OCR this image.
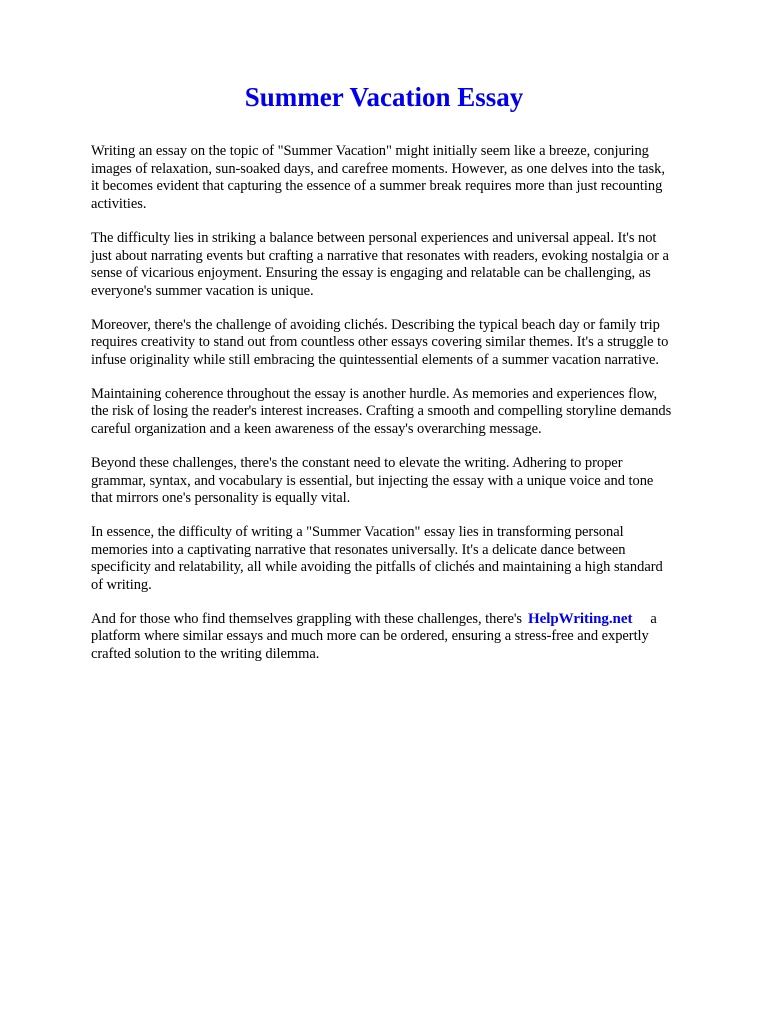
Summer Vacation Essay

Writing an essay on the topic of "Summer Vacation" might initially seem like a breeze, conjuring
images of relaxation, sun-soaked days, and carefree moments. However, as one delves into the task,
it becomes evident that capturing the essence of a summer break requires more than just recounting
activities.

The difficulty lies in striking a balance between personal experiences and universal appeal. It's not
just about narrating events but crafting a narrative that resonates with readers, evoking nostalgia or a
sense of vicarious enjoyment. Ensuring the essay is engaging and relatable can be challenging, as
everyone's summer vacation is unique.

Moreover, there's the challenge of avoiding clichés. Describing the typical beach day or family trip
requires creativity to stand out from countless other essays covering similar themes. It's a struggle to
infuse originality while still embracing the quintessential elements of a summer vacation narrative.

Maintaining coherence throughout the essay is another hurdle. As memories and experiences flow,
the risk of losing the reader's interest increases. Crafting a smooth and compelling storyline demands
careful organization and a keen awareness of the essay's overarching message.

Beyond these challenges, there's the constant need to elevate the writing. Adhering to proper
grammar, syntax, and vocabulary is essential, but injecting the essay with a unique voice and tone
that mirrors one's personality is equally vital.

In essence, the difficulty of writing a "Summer Vacation" essay lies in transforming personal
memories into a captivating narrative that resonates universally. It's a delicate dance between
specificity and relatability, all while avoiding the pitfalls of clichés and maintaining a high standard
of writing.

And for those who find themselves grappling with these challenges, there's HelpWriting.net a
platform where similar essays and much more can be ordered, ensuring a stress-free and expertly
crafted solution to the writing dilemma.
